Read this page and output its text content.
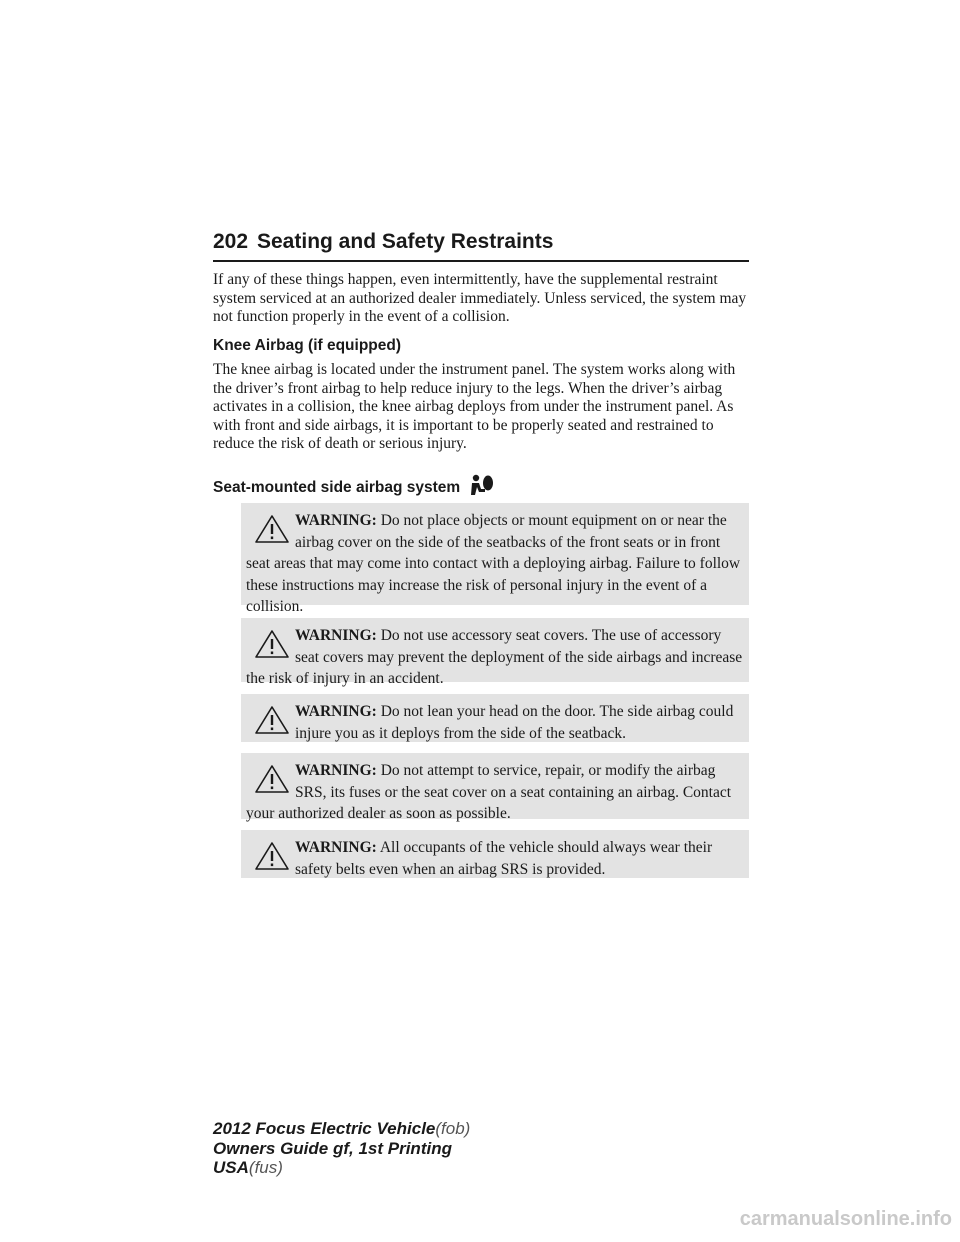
202 Seating and Safety Restraints
If any of these things happen, even intermittently, have the supplemental restraint system serviced at an authorized dealer immediately. Unless serviced, the system may not function properly in the event of a collision.
Knee Airbag (if equipped)
The knee airbag is located under the instrument panel. The system works along with the driver’s front airbag to help reduce injury to the legs. When the driver’s airbag activates in a collision, the knee airbag deploys from under the instrument panel. As with front and side airbags, it is important to be properly seated and restrained to reduce the risk of death or serious injury.
Seat-mounted side airbag system
WARNING: Do not place objects or mount equipment on or near the airbag cover on the side of the seatbacks of the front seats or in front seat areas that may come into contact with a deploying airbag. Failure to follow these instructions may increase the risk of personal injury in the event of a collision.
WARNING: Do not use accessory seat covers. The use of accessory seat covers may prevent the deployment of the side airbags and increase the risk of injury in an accident.
WARNING: Do not lean your head on the door. The side airbag could injure you as it deploys from the side of the seatback.
WARNING: Do not attempt to service, repair, or modify the airbag SRS, its fuses or the seat cover on a seat containing an airbag. Contact your authorized dealer as soon as possible.
WARNING: All occupants of the vehicle should always wear their safety belts even when an airbag SRS is provided.
2012 Focus Electric Vehicle(fob)
Owners Guide gf, 1st Printing
USA(fus)
carmanualsonline.info
